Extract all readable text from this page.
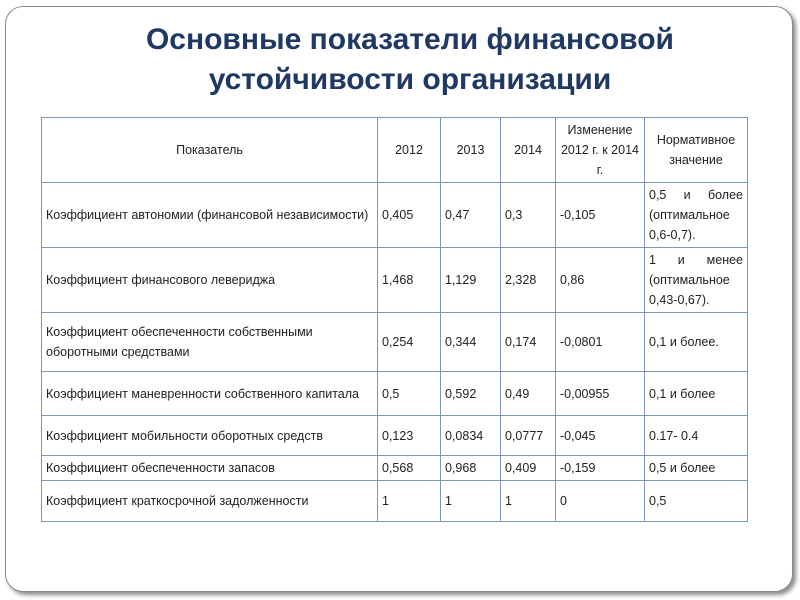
Основные показатели финансовой
устойчивости организации
Показатель	2012	2013	2014	Изменение 2012 г. к 2014 г.	Нормативное значение
Коэффициент автономии (финансовой независимости)	0,405	0,47	0,3	-0,105	0,5 и более (оптимальное 0,6-0,7).
Коэффициент финансового левериджа	1,468	1,129	2,328	0,86	1 и менее (оптимальное 0,43-0,67).
Коэффициент обеспеченности собственными оборотными средствами	0,254	0,344	0,174	-0,0801	0,1 и более.
Коэффициент маневренности собственного капитала	0,5	0,592	0,49	-0,00955	0,1 и более
Коэффициент мобильности оборотных средств	0,123	0,0834	0,0777	-0,045	0.17- 0.4
Коэффициент обеспеченности запасов	0,568	0,968	0,409	-0,159	0,5 и более
Коэффициент краткосрочной задолженности	1	1	1	0	0,5
